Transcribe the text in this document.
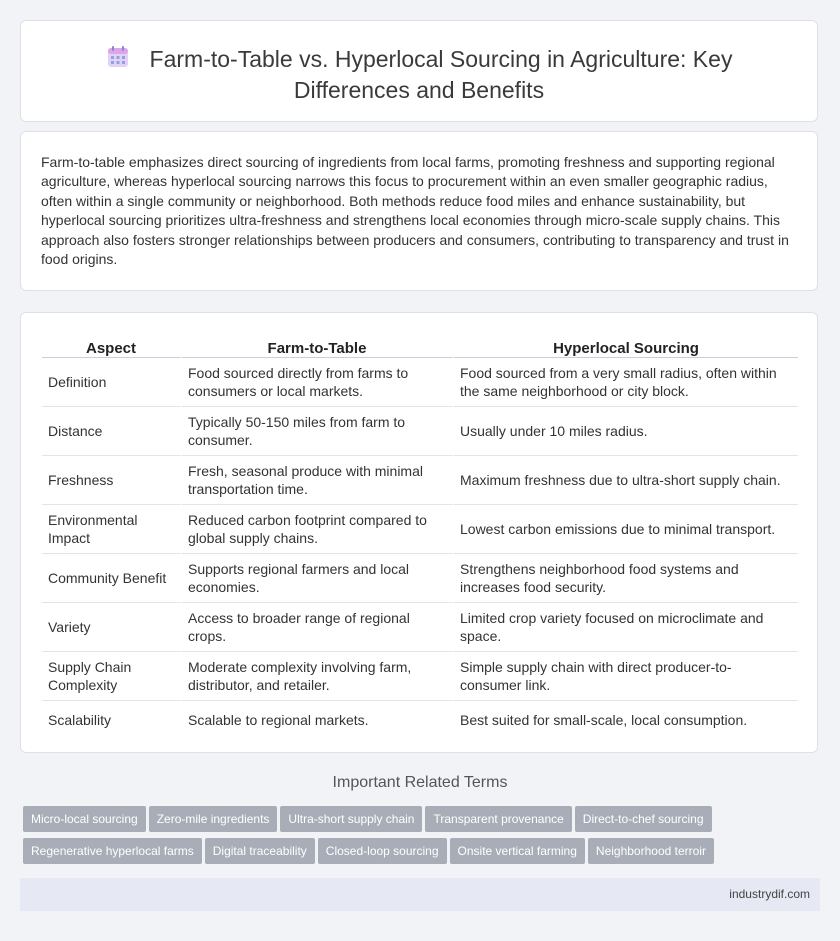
Farm-to-Table vs. Hyperlocal Sourcing in Agriculture: Key Differences and Benefits

Farm-to-table emphasizes direct sourcing of ingredients from local farms, promoting freshness and supporting regional agriculture, whereas hyperlocal sourcing narrows this focus to procurement within an even smaller geographic radius, often within a single community or neighborhood. Both methods reduce food miles and enhance sustainability, but hyperlocal sourcing prioritizes ultra-freshness and strengthens local economies through micro-scale supply chains. This approach also fosters stronger relationships between producers and consumers, contributing to transparency and trust in food origins.

Aspect	Farm-to-Table	Hyperlocal Sourcing
Definition	Food sourced directly from farms to consumers or local markets.	Food sourced from a very small radius, often within the same neighborhood or city block.
Distance	Typically 50-150 miles from farm to consumer.	Usually under 10 miles radius.
Freshness	Fresh, seasonal produce with minimal transportation time.	Maximum freshness due to ultra-short supply chain.
Environmental Impact	Reduced carbon footprint compared to global supply chains.	Lowest carbon emissions due to minimal transport.
Community Benefit	Supports regional farmers and local economies.	Strengthens neighborhood food systems and increases food security.
Variety	Access to broader range of regional crops.	Limited crop variety focused on microclimate and space.
Supply Chain Complexity	Moderate complexity involving farm, distributor, and retailer.	Simple supply chain with direct producer-to-consumer link.
Scalability	Scalable to regional markets.	Best suited for small-scale, local consumption.
Important Related Terms
Micro-local sourcing Zero-mile ingredients Ultra-short supply chain Transparent provenance Direct-to-chef sourcing
Regenerative hyperlocal farms Digital traceability Closed-loop sourcing Onsite vertical farming Neighborhood terroir
industrydif.com
